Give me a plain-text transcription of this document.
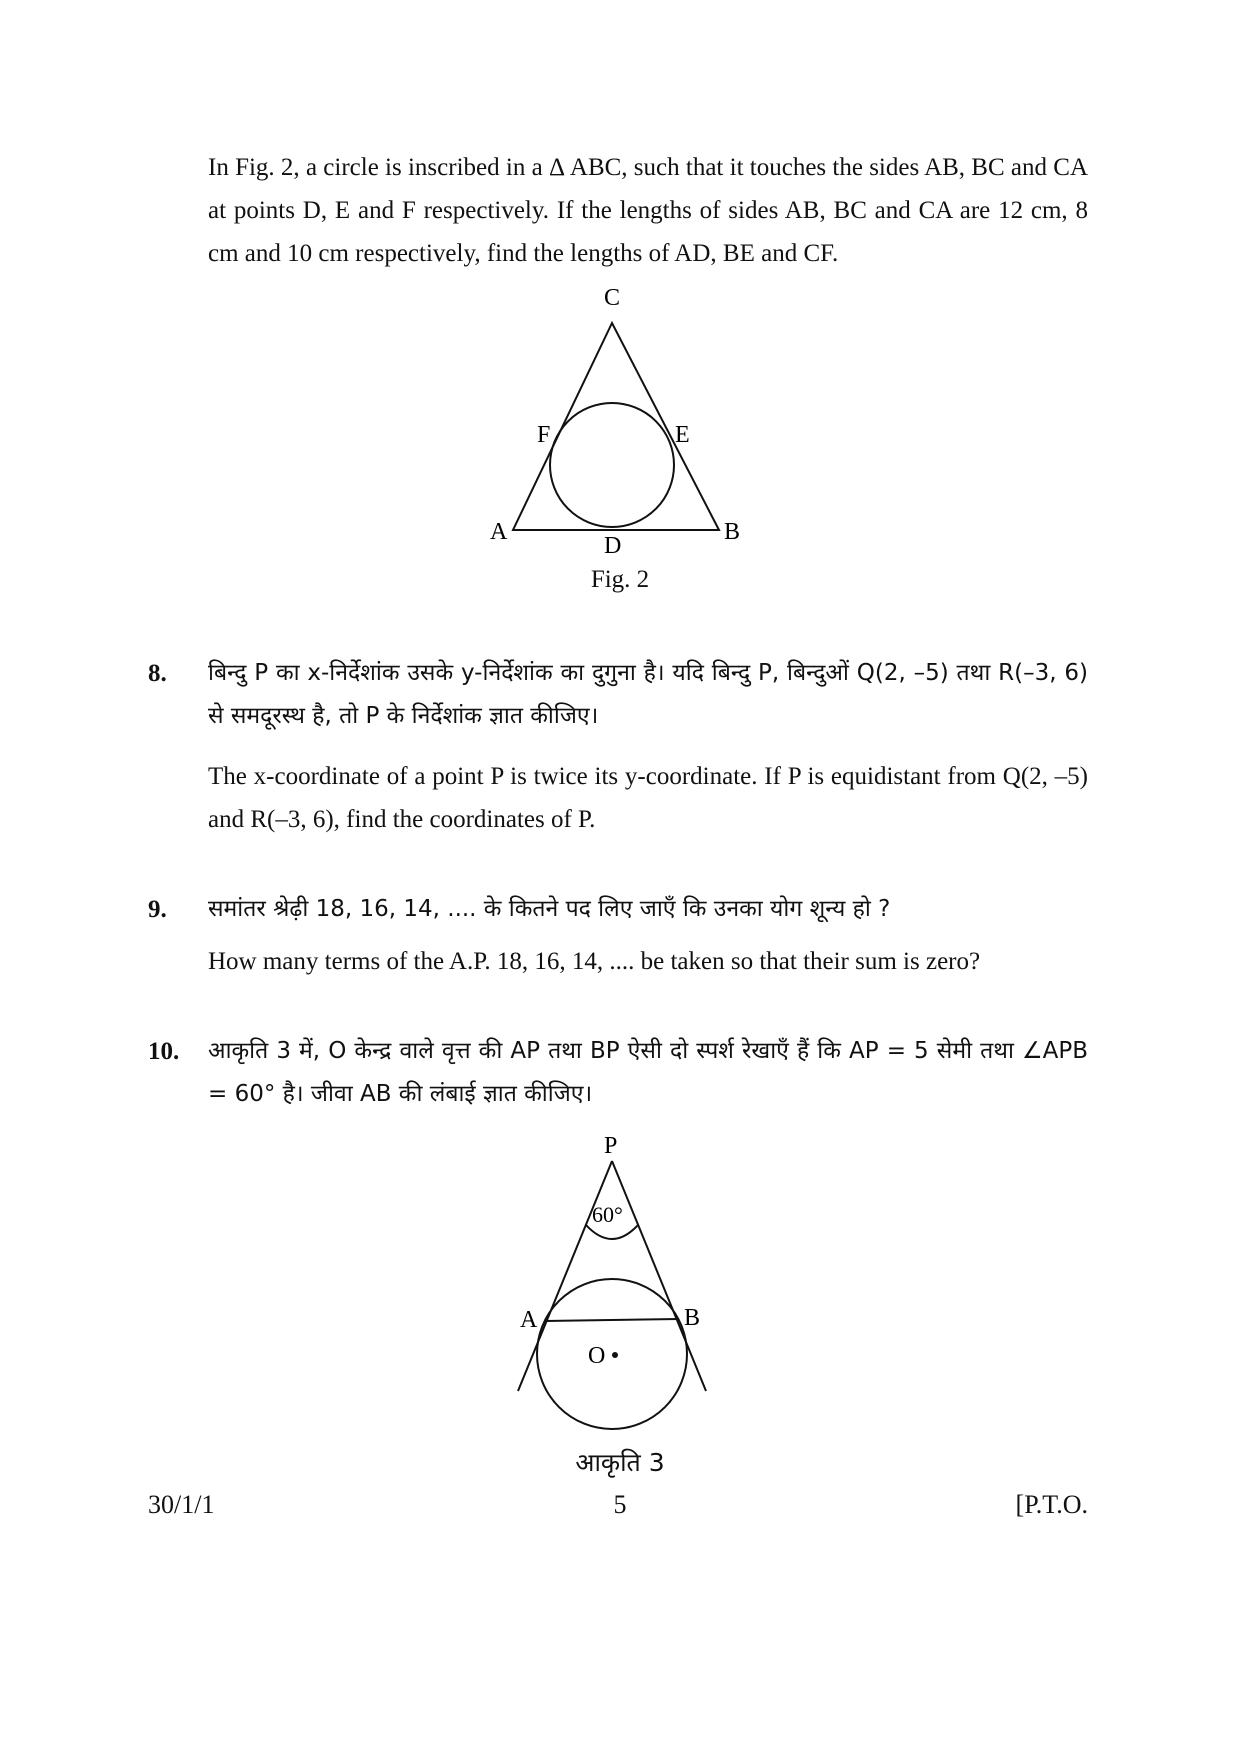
In Fig. 2, a circle is inscribed in a Δ ABC, such that it touches the sides AB, BC and CA at points D, E and F respectively. If the lengths of sides AB, BC and CA are 12 cm, 8 cm and 10 cm respectively, find the lengths of AD, BE and CF.
C
F	E
A
D
B
Fig. 2
8. बिन्दु P का x-निर्देशांक उसके y-निर्देशांक का दुगुना है। यदि बिन्दु P, बिन्दुओं Q(2, –5) तथा R(–3, 6) से समदूरस्थ है, तो P के निर्देशांक ज्ञात कीजिए।
The x-coordinate of a point P is twice its y-coordinate. If P is equidistant from Q(2, –5) and R(–3, 6), find the coordinates of P.
9. समांतर श्रेढ़ी 18, 16, 14, .... के कितने पद लिए जाएँ कि उनका योग शून्य हो ?
How many terms of the A.P. 18, 16, 14, .... be taken so that their sum is zero?
10. आकृति 3 में, O केन्द्र वाले वृत्त की AP तथा BP ऐसी दो स्पर्श रेखाएँ हैं कि AP = 5 सेमी तथा ∠APB = 60° है। जीवा AB की लंबाई ज्ञात कीजिए।
P
60°
A	B
O
आकृति 3
30/1/1	5	[P.T.O.
